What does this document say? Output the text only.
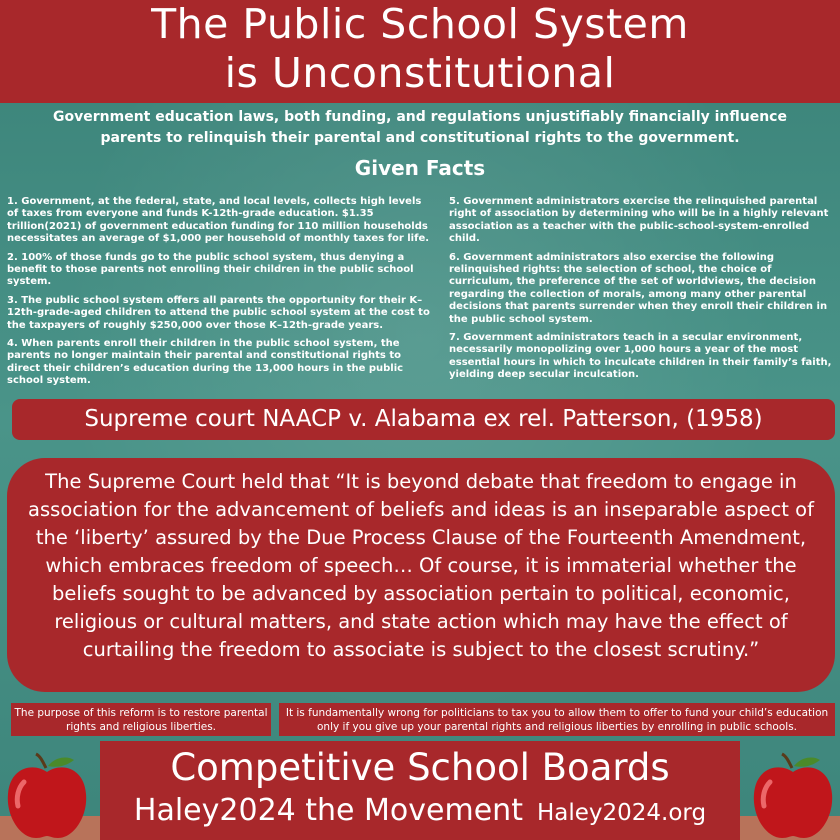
The Public School System
is Unconstitutional
Government education laws, both funding, and regulations unjustifiably financially influence
parents to relinquish their parental and constitutional rights to the government.
Given Facts

1. Government, at the federal, state, and local levels, collects high levels of taxes from everyone and funds K-12th-grade education. $1.35 trillion(2021) of government education funding for 110 million households necessitates an average of $1,000 per household of monthly taxes for life.

2. 100% of those funds go to the public school system, thus denying a benefit to those parents not enrolling their children in the public school system.

3. The public school system offers all parents the opportunity for their K–12th-grade-aged children to attend the public school system at the cost to the taxpayers of roughly $250,000 over those K–12th-grade years.

4. When parents enroll their children in the public school system, the parents no longer maintain their parental and constitutional rights to direct their children’s education during the 13,000 hours in the public school system.

5. Government administrators exercise the relinquished parental right of association by determining who will be in a highly relevant association as a teacher with the public-school-system-enrolled child.

6. Government administrators also exercise the following relinquished rights: the selection of school, the choice of curriculum, the preference of the set of worldviews, the decision regarding the collection of morals, among many other parental decisions that parents surrender when they enroll their children in the public school system.

7. Government administrators teach in a secular environment, necessarily monopolizing over 1,000 hours a year of the most essential hours in which to inculcate children in their family’s faith, yielding deep secular inculcation.

Supreme court NAACP v. Alabama ex rel. Patterson, (1958)
The Supreme Court held that “It is beyond debate that freedom to engage in association for the advancement of beliefs and ideas is an inseparable aspect of the ‘liberty’ assured by the Due Process Clause of the Fourteenth Amendment, which embraces freedom of speech… Of course, it is immaterial whether the beliefs sought to be advanced by association pertain to political, economic, religious or cultural matters, and state action which may have the effect of curtailing the freedom to associate is subject to the closest scrutiny.”
The purpose of this reform is to restore parental rights and religious liberties.
It is fundamentally wrong for politicians to tax you to allow them to offer to fund your child’s education only if you give up your parental rights and religious liberties by enrolling in public schools.
Competitive School Boards
Haley2024 the Movement Haley2024.org
